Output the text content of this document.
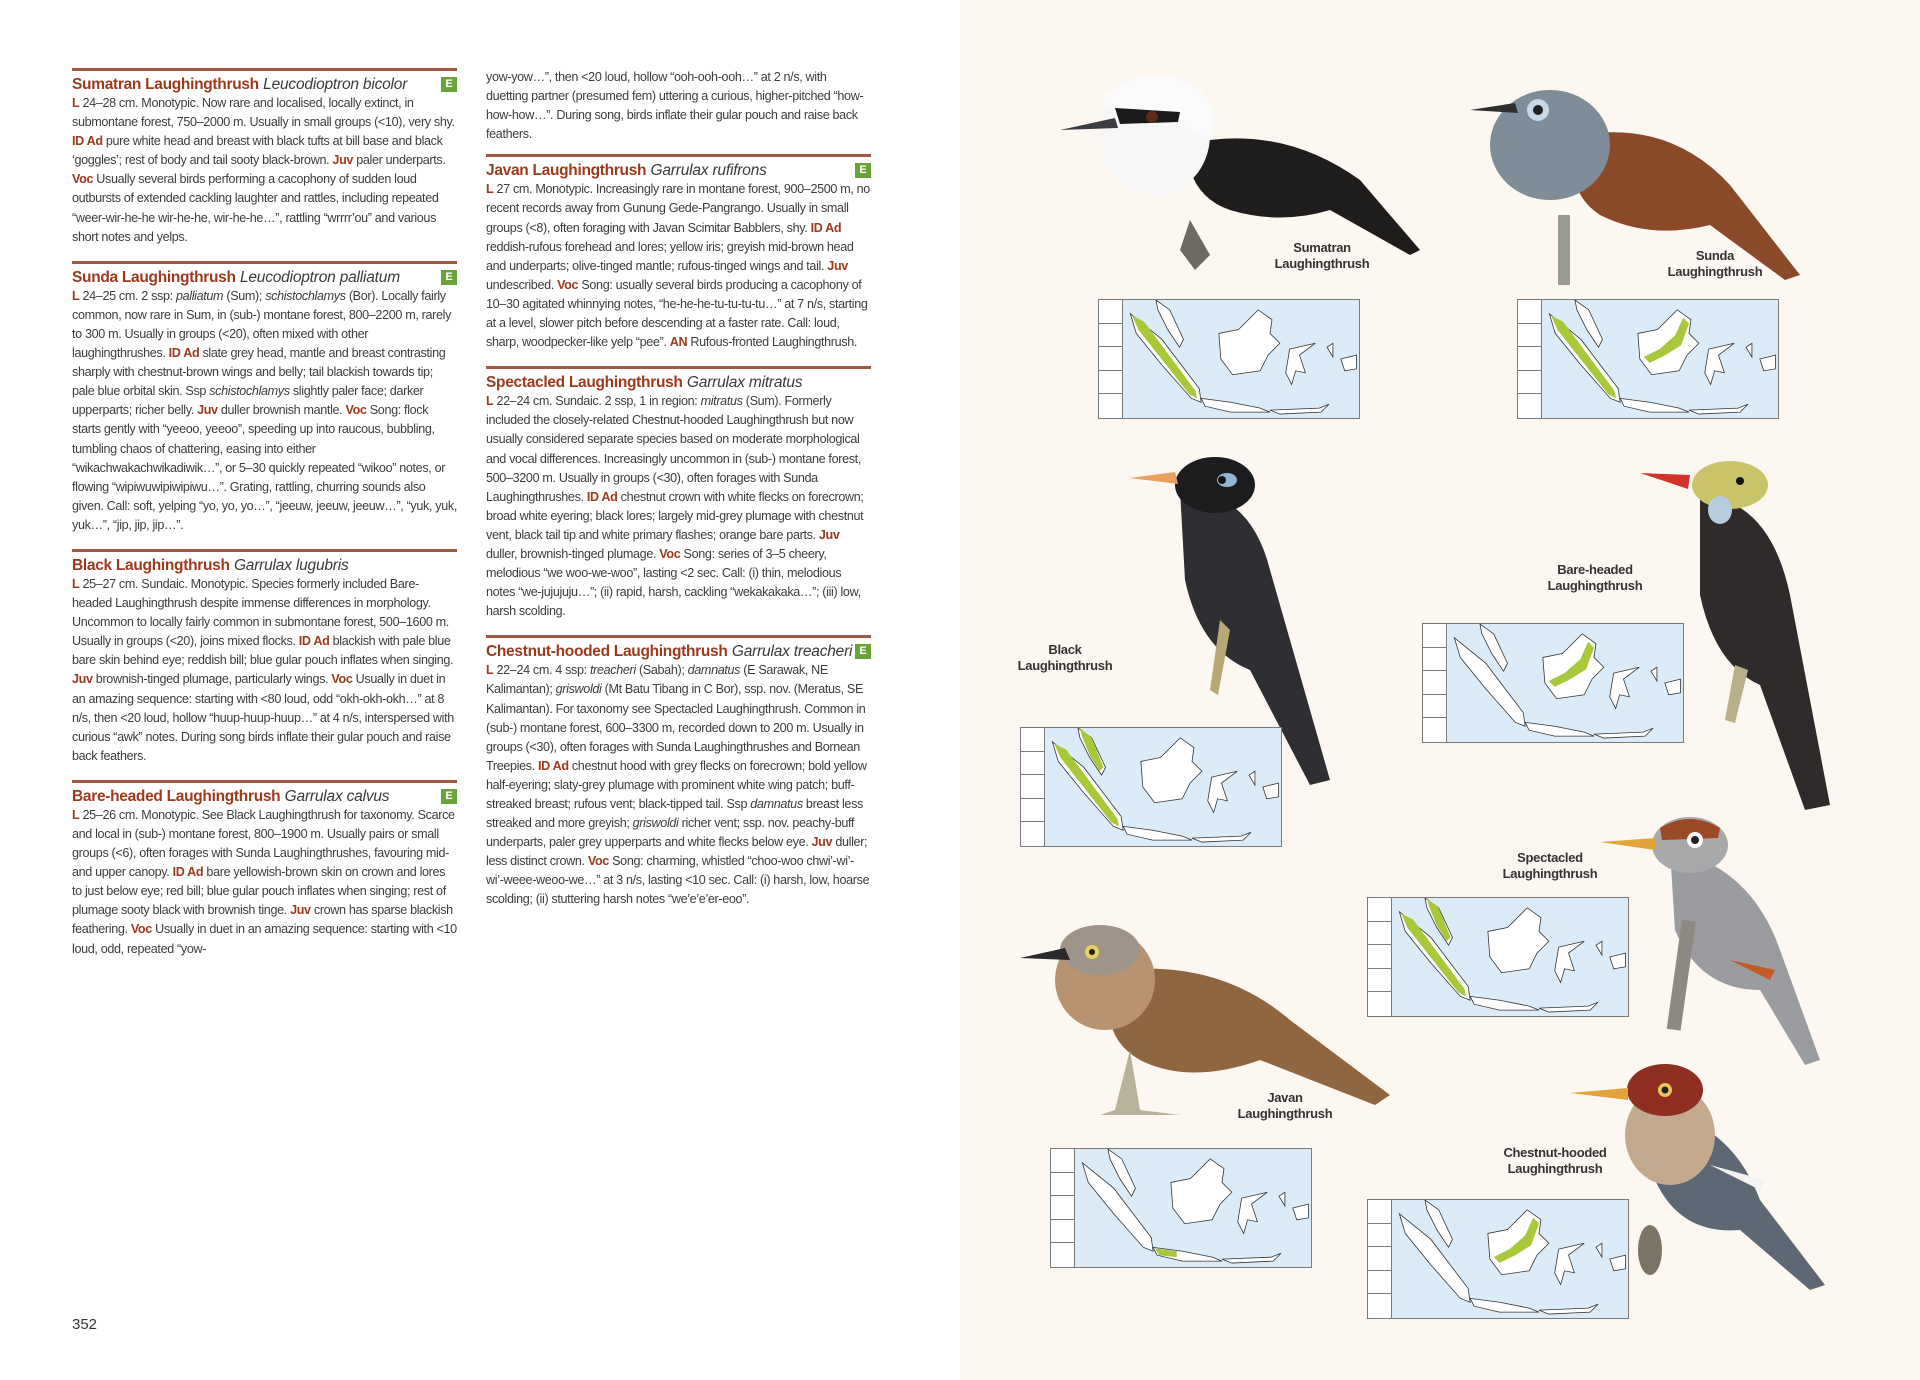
Sumatran Laughingthrush Leucodioptron bicolor	E
L 24–28 cm. Monotypic. Now rare and localised, locally extinct, in submontane forest, 750–2000 m. Usually in small groups (<10), very shy. ID Ad pure white head and breast with black tufts at bill base and black ‘goggles’; rest of body and tail sooty black-brown. Juv paler underparts. Voc Usually several birds performing a cacophony of sudden loud outbursts of extended cackling laughter and rattles, including repeated “weer-wir-he-he wir-he-he, wir-he-he…”, rattling “wrrrr’ou” and various short notes and yelps.
Sunda Laughingthrush Leucodioptron palliatum	E
L 24–25 cm. 2 ssp: palliatum (Sum); schistochlamys (Bor). Locally fairly common, now rare in Sum, in (sub-) montane forest, 800–2200 m, rarely to 300 m. Usually in groups (<20), often mixed with other laughingthrushes. ID Ad slate grey head, mantle and breast contrasting sharply with chestnut-brown wings and belly; tail blackish towards tip; pale blue orbital skin. Ssp schistochlamys slightly paler face; darker upperparts; richer belly. Juv duller brownish mantle. Voc Song: flock starts gently with “yeeoo, yeeoo”, speeding up into raucous, bubbling, tumbling chaos of chattering, easing into either “wikachwakachwikadiwik…”, or 5–30 quickly repeated “wikoo” notes, or flowing “wipiwuwipiwipiwu…”. Grating, rattling, churring sounds also given. Call: soft, yelping “yo, yo, yo…”, “jeeuw, jeeuw, jeeuw…”, “yuk, yuk, yuk…”, “jip, jip, jip…”.
Black Laughingthrush Garrulax lugubris
L 25–27 cm. Sundaic. Monotypic. Species formerly included Bare-headed Laughingthrush despite immense differences in morphology. Uncommon to locally fairly common in submontane forest, 500–1600 m. Usually in groups (<20), joins mixed flocks. ID Ad blackish with pale blue bare skin behind eye; reddish bill; blue gular pouch inflates when singing. Juv brownish-tinged plumage, particularly wings. Voc Usually in duet in an amazing sequence: starting with <80 loud, odd “okh-okh-okh…” at 8 n/s, then <20 loud, hollow “huup-huup-huup…” at 4 n/s, interspersed with curious “awk” notes. During song birds inflate their gular pouch and raise back feathers.
Bare-headed Laughingthrush Garrulax calvus	E
L 25–26 cm. Monotypic. See Black Laughingthrush for taxonomy. Scarce and local in (sub-) montane forest, 800–1900 m. Usually pairs or small groups (<6), often forages with Sunda Laughingthrushes, favouring mid- and upper canopy. ID Ad bare yellowish-brown skin on crown and lores to just below eye; red bill; blue gular pouch inflates when singing; rest of plumage sooty black with brownish tinge. Juv crown has sparse blackish feathering. Voc Usually in duet in an amazing sequence: starting with <10 loud, odd, repeated “yow-
yow-yow…”, then <20 loud, hollow “ooh-ooh-ooh…” at 2 n/s, with duetting partner (presumed fem) uttering a curious, higher-pitched “how-how-how…”. During song, birds inflate their gular pouch and raise back feathers.
Javan Laughingthrush Garrulax rufifrons	E
L 27 cm. Monotypic. Increasingly rare in montane forest, 900–2500 m, no recent records away from Gunung Gede-Pangrango. Usually in small groups (<8), often foraging with Javan Scimitar Babblers, shy. ID Ad reddish-rufous forehead and lores; yellow iris; greyish mid-brown head and underparts; olive-tinged mantle; rufous-tinged wings and tail. Juv undescribed. Voc Song: usually several birds producing a cacophony of 10–30 agitated whinnying notes, “he-he-he-tu-tu-tu-tu…” at 7 n/s, starting at a level, slower pitch before descending at a faster rate. Call: loud, sharp, woodpecker-like yelp “pee”. AN Rufous-fronted Laughingthrush.
Spectacled Laughingthrush Garrulax mitratus
L 22–24 cm. Sundaic. 2 ssp, 1 in region: mitratus (Sum). Formerly included the closely-related Chestnut-hooded Laughingthrush but now usually considered separate species based on moderate morphological and vocal differences. Increasingly uncommon in (sub-) montane forest, 500–3200 m. Usually in groups (<30), often forages with Sunda Laughingthrushes. ID Ad chestnut crown with white flecks on forecrown; broad white eyering; black lores; largely mid-grey plumage with chestnut vent, black tail tip and white primary flashes; orange bare parts. Juv duller, brownish-tinged plumage. Voc Song: series of 3–5 cheery, melodious “we woo-we-woo”, lasting <2 sec. Call: (i) thin, melodious notes “we-jujujuju…”; (ii) rapid, harsh, cackling “wekakakaka…”; (iii) low, harsh scolding.
Chestnut-hooded Laughingthrush Garrulax treacheri E
L 22–24 cm. 4 ssp: treacheri (Sabah); damnatus (E Sarawak, NE Kalimantan); griswoldi (Mt Batu Tibang in C Bor), ssp. nov. (Meratus, SE Kalimantan). For taxonomy see Spectacled Laughingthrush. Common in (sub-) montane forest, 600–3300 m, recorded down to 200 m. Usually in groups (<30), often forages with Sunda Laughingthrushes and Bornean Treepies. ID Ad chestnut hood with grey flecks on forecrown; bold yellow half-eyering; slaty-grey plumage with prominent white wing patch; buff-streaked breast; rufous vent; black-tipped tail. Ssp damnatus breast less streaked and more greyish; griswoldi richer vent; ssp. nov. peachy-buff underparts, paler grey upperparts and white flecks below eye. Juv duller; less distinct crown. Voc Song: charming, whistled “choo-woo chwi’-wi’-wi’-weee-weoo-we…” at 3 n/s, lasting <10 sec. Call: (i) harsh, low, hoarse scolding; (ii) stuttering harsh notes “we’e’e’er-eoo”.
352
Sumatran
Laughingthrush
Sunda
Laughingthrush
Black
Laughingthrush
Bare-headed
Laughingthrush
Spectacled
Laughingthrush
Javan
Laughingthrush
Chestnut-hooded
Laughingthrush
